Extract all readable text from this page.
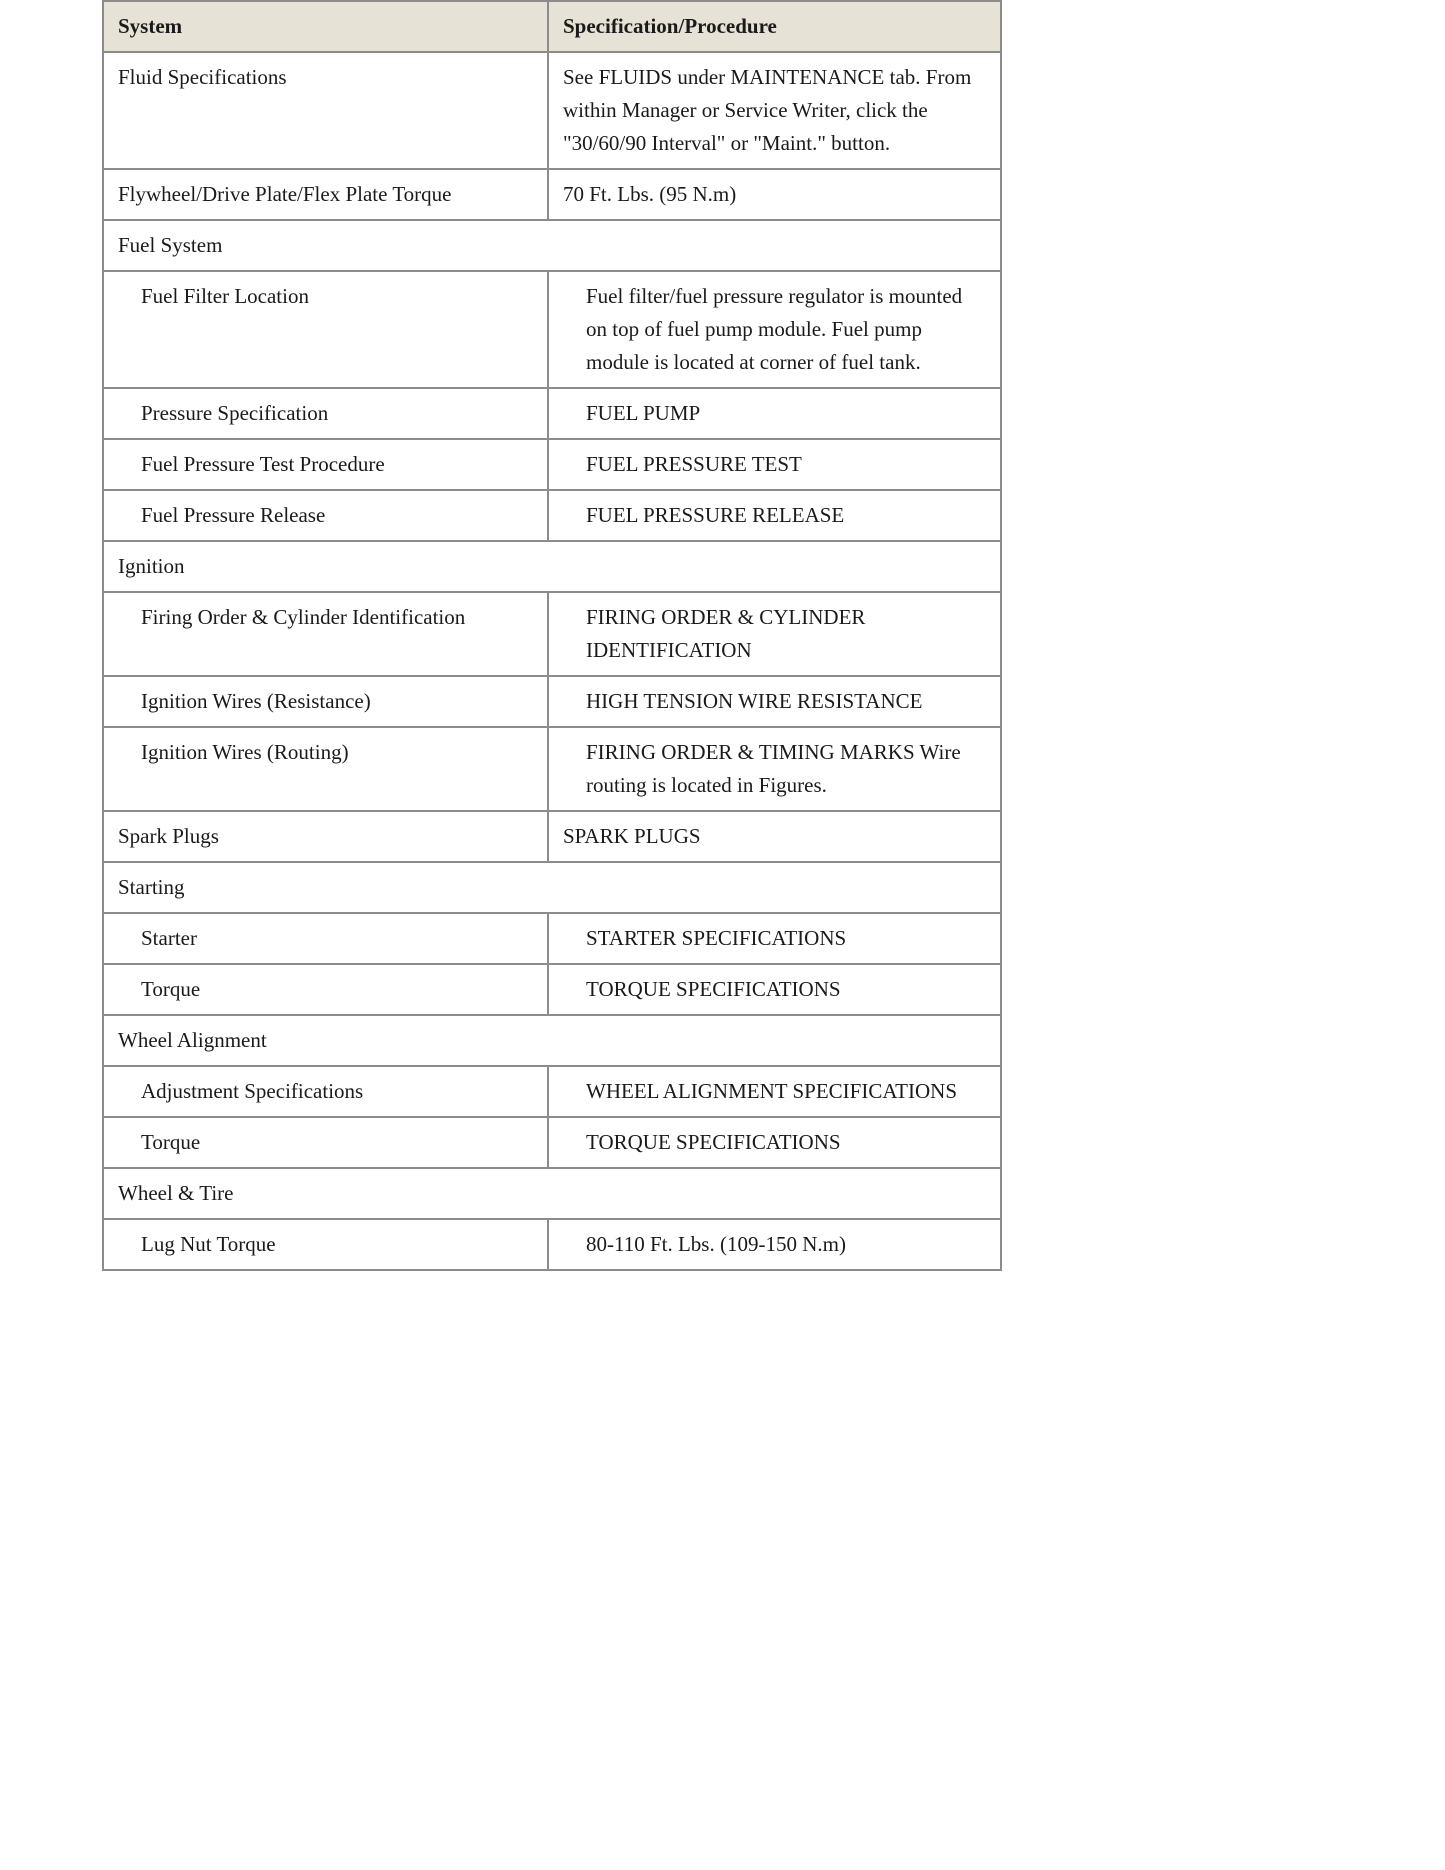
System	Specification/Procedure
Fluid Specifications	See FLUIDS under MAINTENANCE tab. From within Manager or Service Writer, click the "30/60/90 Interval" or "Maint." button.
Flywheel/Drive Plate/Flex Plate Torque	70 Ft. Lbs. (95 N.m)
Fuel System	
Fuel Filter Location	Fuel filter/fuel pressure regulator is mounted on top of fuel pump module. Fuel pump module is located at corner of fuel tank.
Pressure Specification	FUEL PUMP
Fuel Pressure Test Procedure	FUEL PRESSURE TEST
Fuel Pressure Release	FUEL PRESSURE RELEASE
Ignition	
Firing Order & Cylinder Identification	FIRING ORDER & CYLINDER IDENTIFICATION
Ignition Wires (Resistance)	HIGH TENSION WIRE RESISTANCE
Ignition Wires (Routing)	FIRING ORDER & TIMING MARKS Wire routing is located in Figures.
Spark Plugs	SPARK PLUGS
Starting	
Starter	STARTER SPECIFICATIONS
Torque	TORQUE SPECIFICATIONS
Wheel Alignment	
Adjustment Specifications	WHEEL ALIGNMENT SPECIFICATIONS
Torque	TORQUE SPECIFICATIONS
Wheel & Tire	
Lug Nut Torque	80-110 Ft. Lbs. (109-150 N.m)
